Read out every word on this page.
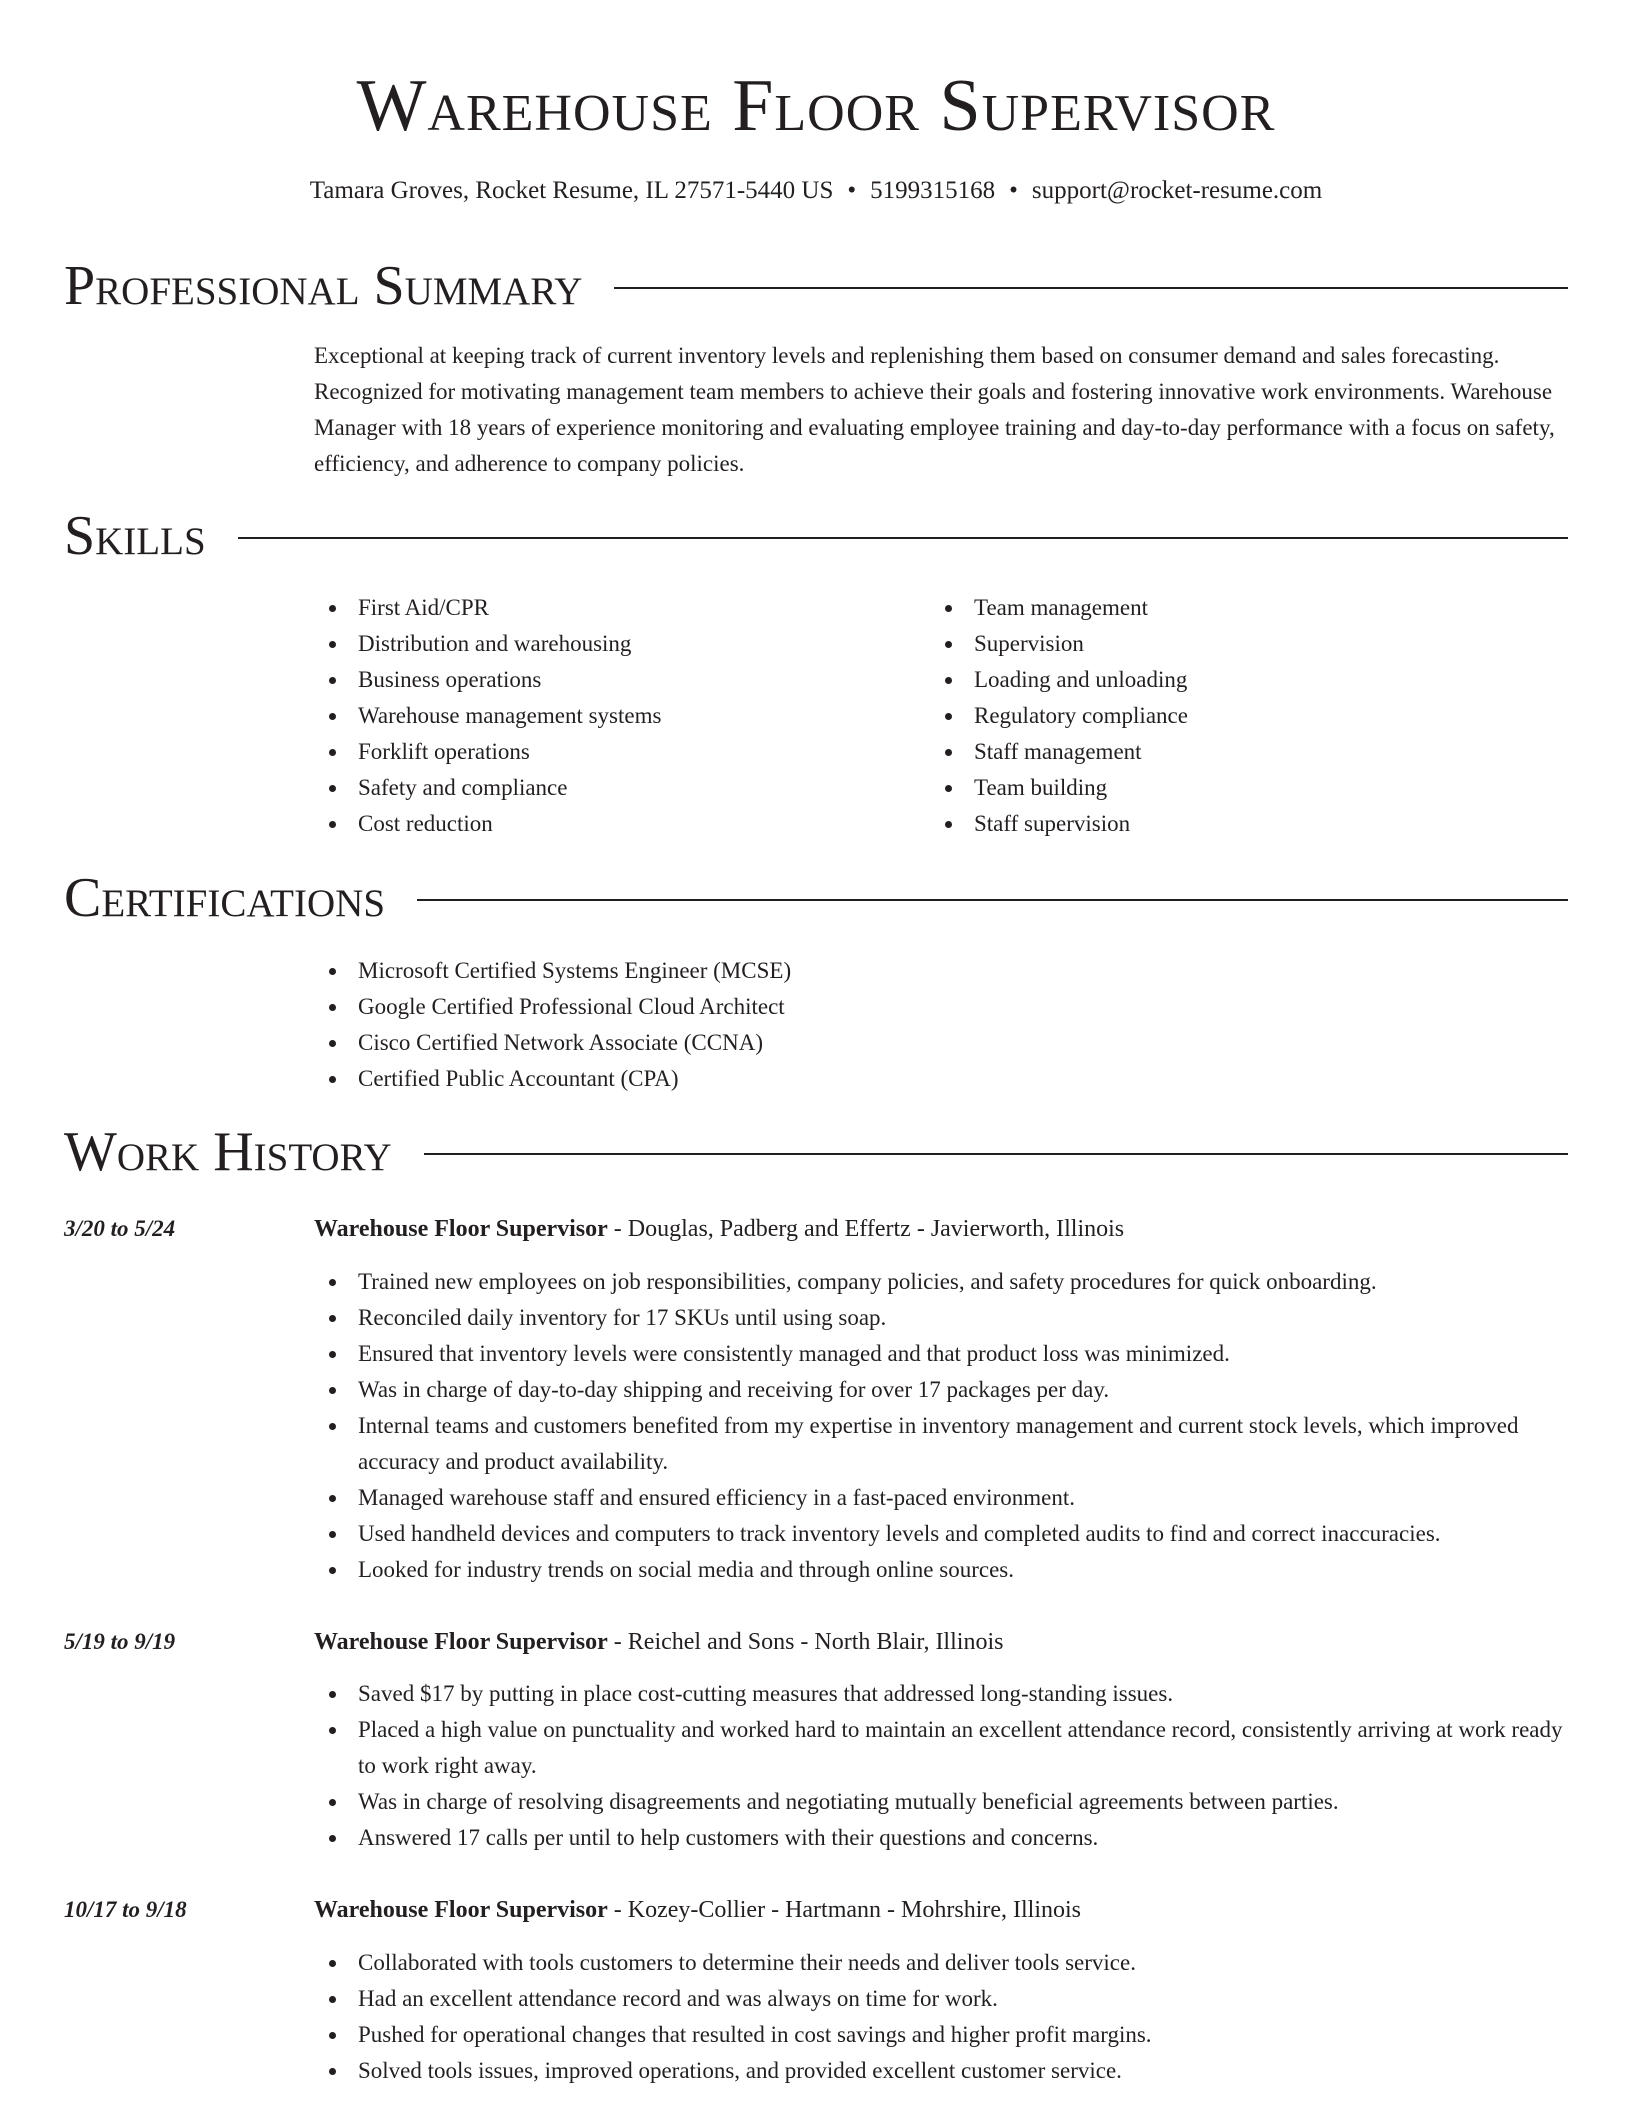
Warehouse Floor Supervisor
Tamara Groves, Rocket Resume, IL 27571-5440 US • 5199315168 • support@rocket-resume.com
Professional Summary
Exceptional at keeping track of current inventory levels and replenishing them based on consumer demand and sales forecasting. Recognized for motivating management team members to achieve their goals and fostering innovative work environments. Warehouse Manager with 18 years of experience monitoring and evaluating employee training and day-to-day performance with a focus on safety, efficiency, and adherence to company policies.
Skills
First Aid/CPR
Distribution and warehousing
Business operations
Warehouse management systems
Forklift operations
Safety and compliance
Cost reduction
Team management
Supervision
Loading and unloading
Regulatory compliance
Staff management
Team building
Staff supervision
Certifications
Microsoft Certified Systems Engineer (MCSE)
Google Certified Professional Cloud Architect
Cisco Certified Network Associate (CCNA)
Certified Public Accountant (CPA)
Work History
3/20 to 5/24	Warehouse Floor Supervisor - Douglas, Padberg and Effertz - Javierworth, Illinois
Trained new employees on job responsibilities, company policies, and safety procedures for quick onboarding.
Reconciled daily inventory for 17 SKUs until using soap.
Ensured that inventory levels were consistently managed and that product loss was minimized.
Was in charge of day-to-day shipping and receiving for over 17 packages per day.
Internal teams and customers benefited from my expertise in inventory management and current stock levels, which improved accuracy and product availability.
Managed warehouse staff and ensured efficiency in a fast-paced environment.
Used handheld devices and computers to track inventory levels and completed audits to find and correct inaccuracies.
Looked for industry trends on social media and through online sources.
5/19 to 9/19	Warehouse Floor Supervisor - Reichel and Sons - North Blair, Illinois
Saved $17 by putting in place cost-cutting measures that addressed long-standing issues.
Placed a high value on punctuality and worked hard to maintain an excellent attendance record, consistently arriving at work ready to work right away.
Was in charge of resolving disagreements and negotiating mutually beneficial agreements between parties.
Answered 17 calls per until to help customers with their questions and concerns.
10/17 to 9/18	Warehouse Floor Supervisor - Kozey-Collier - Hartmann - Mohrshire, Illinois
Collaborated with tools customers to determine their needs and deliver tools service.
Had an excellent attendance record and was always on time for work.
Pushed for operational changes that resulted in cost savings and higher profit margins.
Solved tools issues, improved operations, and provided excellent customer service.
